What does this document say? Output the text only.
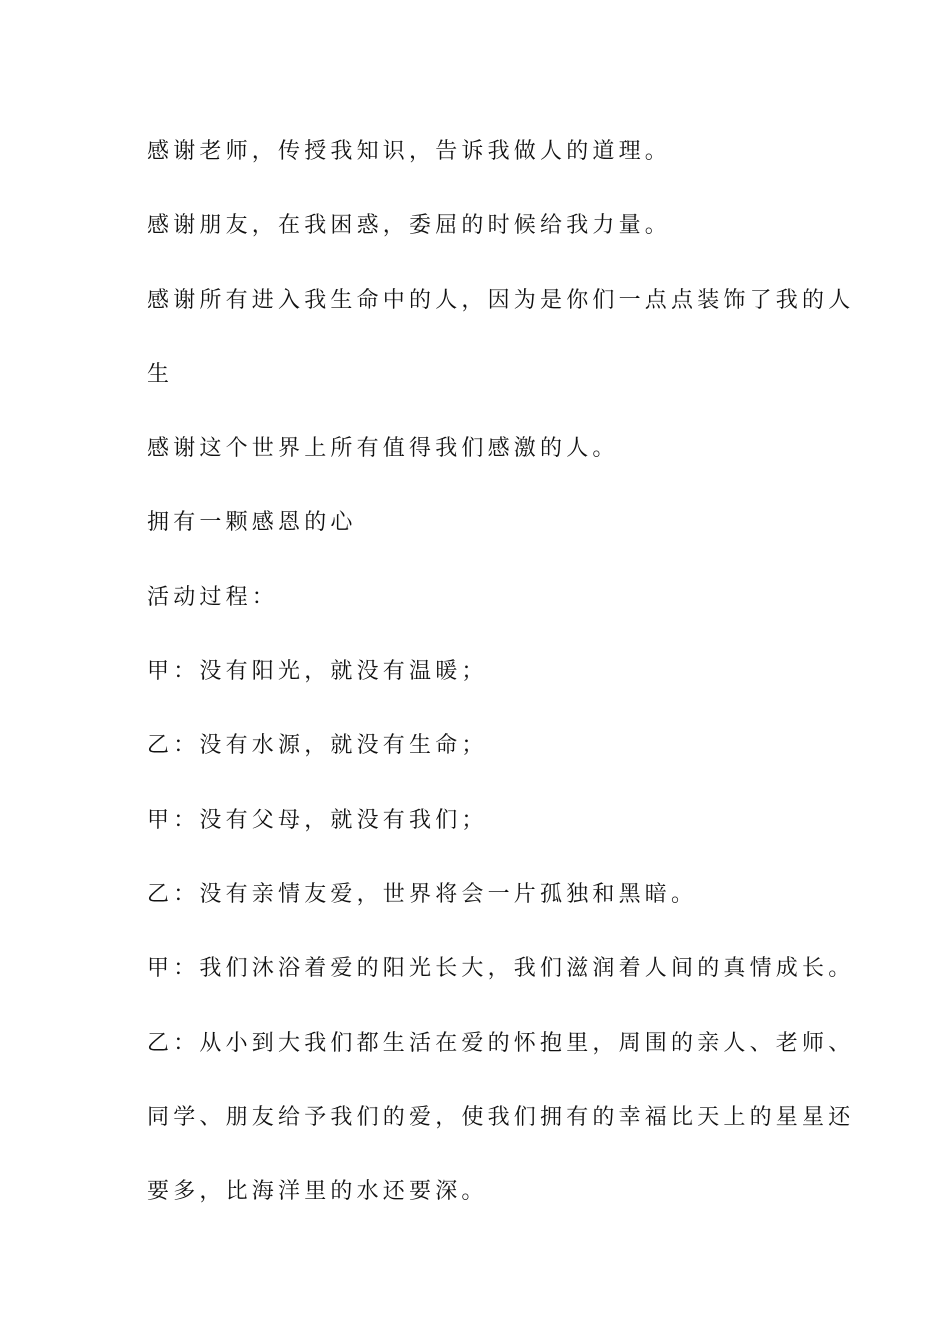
感谢老师，传授我知识，告诉我做人的道理。
感谢朋友，在我困惑，委屈的时候给我力量。
感谢所有进入我生命中的人，因为是你们一点点装饰了我的人
生
感谢这个世界上所有值得我们感激的人。
拥有一颗感恩的心
活动过程：
甲：没有阳光，就没有温暖；
乙：没有水源，就没有生命；
甲：没有父母，就没有我们；
乙：没有亲情友爱，世界将会一片孤独和黑暗。
甲：我们沐浴着爱的阳光长大，我们滋润着人间的真情成长。
乙：从小到大我们都生活在爱的怀抱里，周围的亲人、老师、
同学、朋友给予我们的爱，使我们拥有的幸福比天上的星星还
要多，比海洋里的水还要深。
